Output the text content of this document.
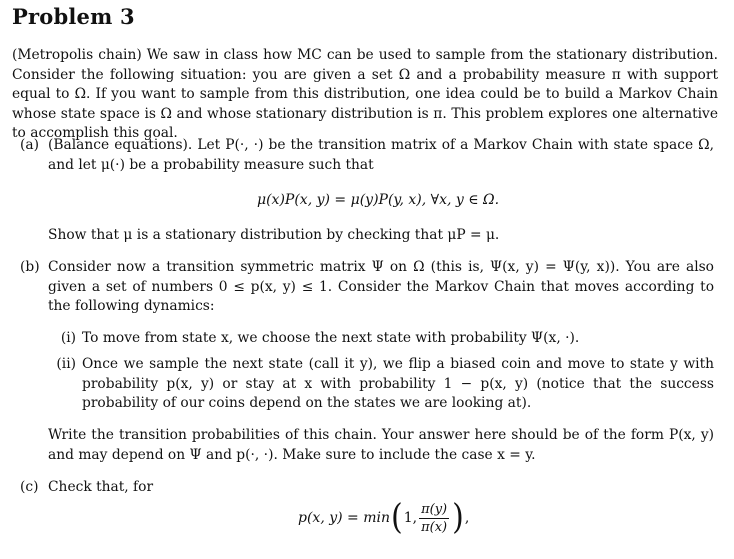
Problem 3
(Metropolis chain) We saw in class how MC can be used to sample from the stationary distribution. Consider the following situation: you are given a set Ω and a probability measure π with support equal to Ω. If you want to sample from this distribution, one idea could be to build a Markov Chain whose state space is Ω and whose stationary distribution is π. This problem explores one alternative to accomplish this goal.
(a) (Balance equations). Let P(·, ·) be the transition matrix of a Markov Chain with state space Ω, and let μ(·) be a probability measure such that
μ(x)P(x, y) = μ(y)P(y, x), ∀x, y ∈ Ω.
Show that μ is a stationary distribution by checking that μP = μ.
(b) Consider now a transition symmetric matrix Ψ on Ω (this is, Ψ(x, y) = Ψ(y, x)). You are also given a set of numbers 0 ≤ p(x, y) ≤ 1. Consider the Markov Chain that moves according to the following dynamics:
(i) To move from state x, we choose the next state with probability Ψ(x, ·).
(ii) Once we sample the next state (call it y), we flip a biased coin and move to state y with probability p(x, y) or stay at x with probability 1 − p(x, y) (notice that the success probability of our coins depend on the states we are looking at).
Write the transition probabilities of this chain. Your answer here should be of the form P(x, y) and may depend on Ψ and p(·, ·). Make sure to include the case x = y.
(c) Check that, for
p(x, y) = min ( 1, $\frac{\pi(y)}{\pi(x)}$ ) ,
